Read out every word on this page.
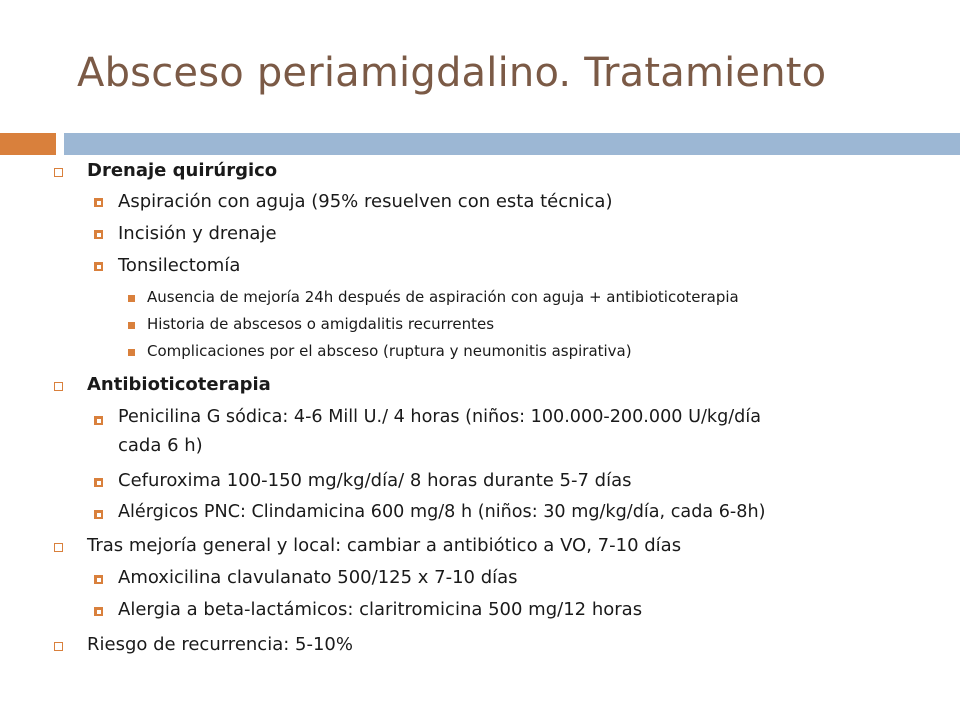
Absceso periamigdalino. Tratamiento
Drenaje quirúrgico
Aspiración con aguja (95% resuelven con esta técnica)
Incisión y drenaje
Tonsilectomía
Ausencia de mejoría 24h después de aspiración con aguja + antibioticoterapia
Historia de abscesos o amigdalitis recurrentes
Complicaciones por el absceso (ruptura y neumonitis aspirativa)
Antibioticoterapia
Penicilina G sódica: 4-6 Mill U./ 4 horas (niños: 100.000-200.000 U/kg/día
cada 6 h)
Cefuroxima 100-150 mg/kg/día/ 8 horas durante 5-7 días
Alérgicos PNC: Clindamicina 600 mg/8 h (niños: 30 mg/kg/día, cada 6-8h)
Tras mejoría general y local: cambiar a antibiótico a VO, 7-10 días
Amoxicilina clavulanato 500/125 x 7-10 días
Alergia a beta-lactámicos: claritromicina 500 mg/12 horas
Riesgo de recurrencia: 5-10%
